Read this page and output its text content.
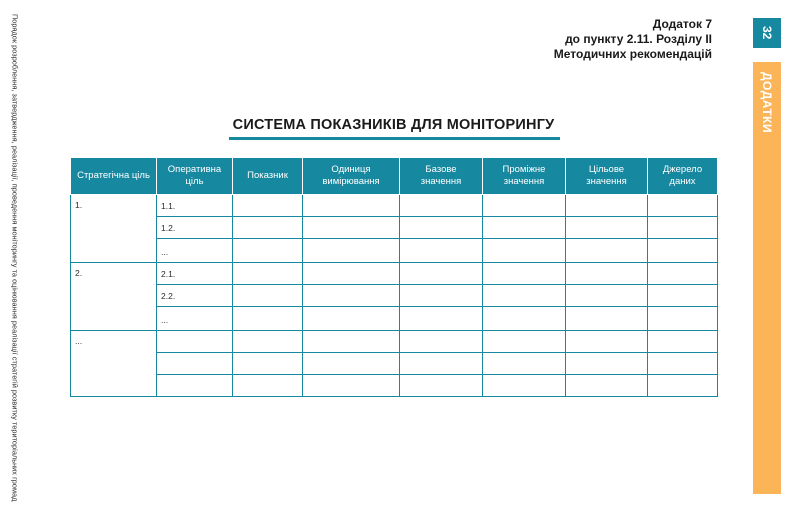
Порядок розроблення, затвердження, реалізації, проведення моніторингу та оцінювання реалізації стратегій розвитку територіальних громад	Додаток 7
до пункту 2.11. Розділу II
Методичних рекомендацій
32
ДОДАТКИ
СИСТЕМА ПОКАЗНИКІВ ДЛЯ МОНІТОРИНГУ
Стратегічна ціль	Оперативна ціль	Показник	Одиниця вимірювання	Базове значення	Проміжне значення	Цільове значення	Джерело даних
1.	1.1.						
	1.2.						
	...						
2.	2.1.						
	2.2.						
	...						
...							
